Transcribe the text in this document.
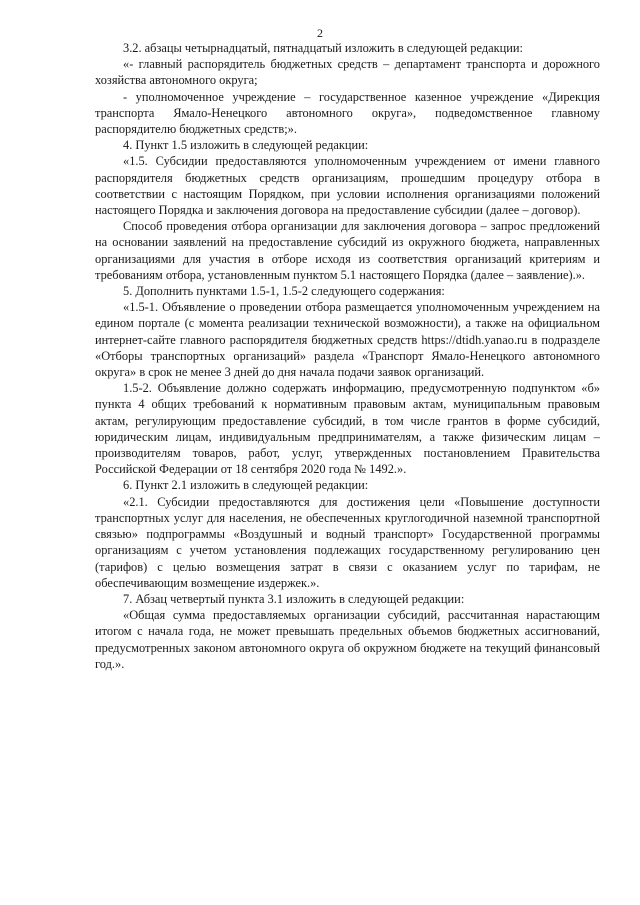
2

3.2. абзацы четырнадцатый, пятнадцатый изложить в следующей редакции:

«- главный распорядитель бюджетных средств – департамент транспорта и дорожного хозяйства автономного округа;

- уполномоченное учреждение – государственное казенное учреждение «Дирекция транспорта Ямало-Ненецкого автономного округа», подведомственное главному распорядителю бюджетных средств;».

4. Пункт 1.5 изложить в следующей редакции:

«1.5. Субсидии предоставляются уполномоченным учреждением от имени главного распорядителя бюджетных средств организациям, прошедшим процедуру отбора в соответствии с настоящим Порядком, при условии исполнения организациями положений настоящего Порядка и заключения договора на предоставление субсидии (далее – договор).

Способ проведения отбора организации для заключения договора – запрос предложений на основании заявлений на предоставление субсидий из окружного бюджета, направленных организациями для участия в отборе исходя из соответствия организаций критериям и требованиям отбора, установленным пунктом 5.1 настоящего Порядка (далее – заявление).».

5. Дополнить пунктами 1.5-1, 1.5-2 следующего содержания:

«1.5-1. Объявление о проведении отбора размещается уполномоченным учреждением на едином портале (с момента реализации технической возможности), а также на официальном интернет-сайте главного распорядителя бюджетных средств https://dtidh.yanao.ru в подразделе «Отборы транспортных организаций» раздела «Транспорт Ямало-Ненецкого автономного округа» в срок не менее 3 дней до дня начала подачи заявок организаций.

1.5-2. Объявление должно содержать информацию, предусмотренную подпунктом «б» пункта 4 общих требований к нормативным правовым актам, муниципальным правовым актам, регулирующим предоставление субсидий, в том числе грантов в форме субсидий, юридическим лицам, индивидуальным предпринимателям, а также физическим лицам – производителям товаров, работ, услуг, утвержденных постановлением Правительства Российской Федерации от 18 сентября 2020 года № 1492.».

6. Пункт 2.1 изложить в следующей редакции:

«2.1. Субсидии предоставляются для достижения цели «Повышение доступности транспортных услуг для населения, не обеспеченных круглогодичной наземной транспортной связью» подпрограммы «Воздушный и водный транспорт» Государственной программы организациям с учетом установления подлежащих государственному регулированию цен (тарифов) с целью возмещения затрат в связи с оказанием услуг по тарифам, не обеспечивающим возмещение издержек.».

7. Абзац четвертый пункта 3.1 изложить в следующей редакции:

«Общая сумма предоставляемых организации субсидий, рассчитанная нарастающим итогом с начала года, не может превышать предельных объемов бюджетных ассигнований, предусмотренных законом автономного округа об окружном бюджете на текущий финансовый год.».
